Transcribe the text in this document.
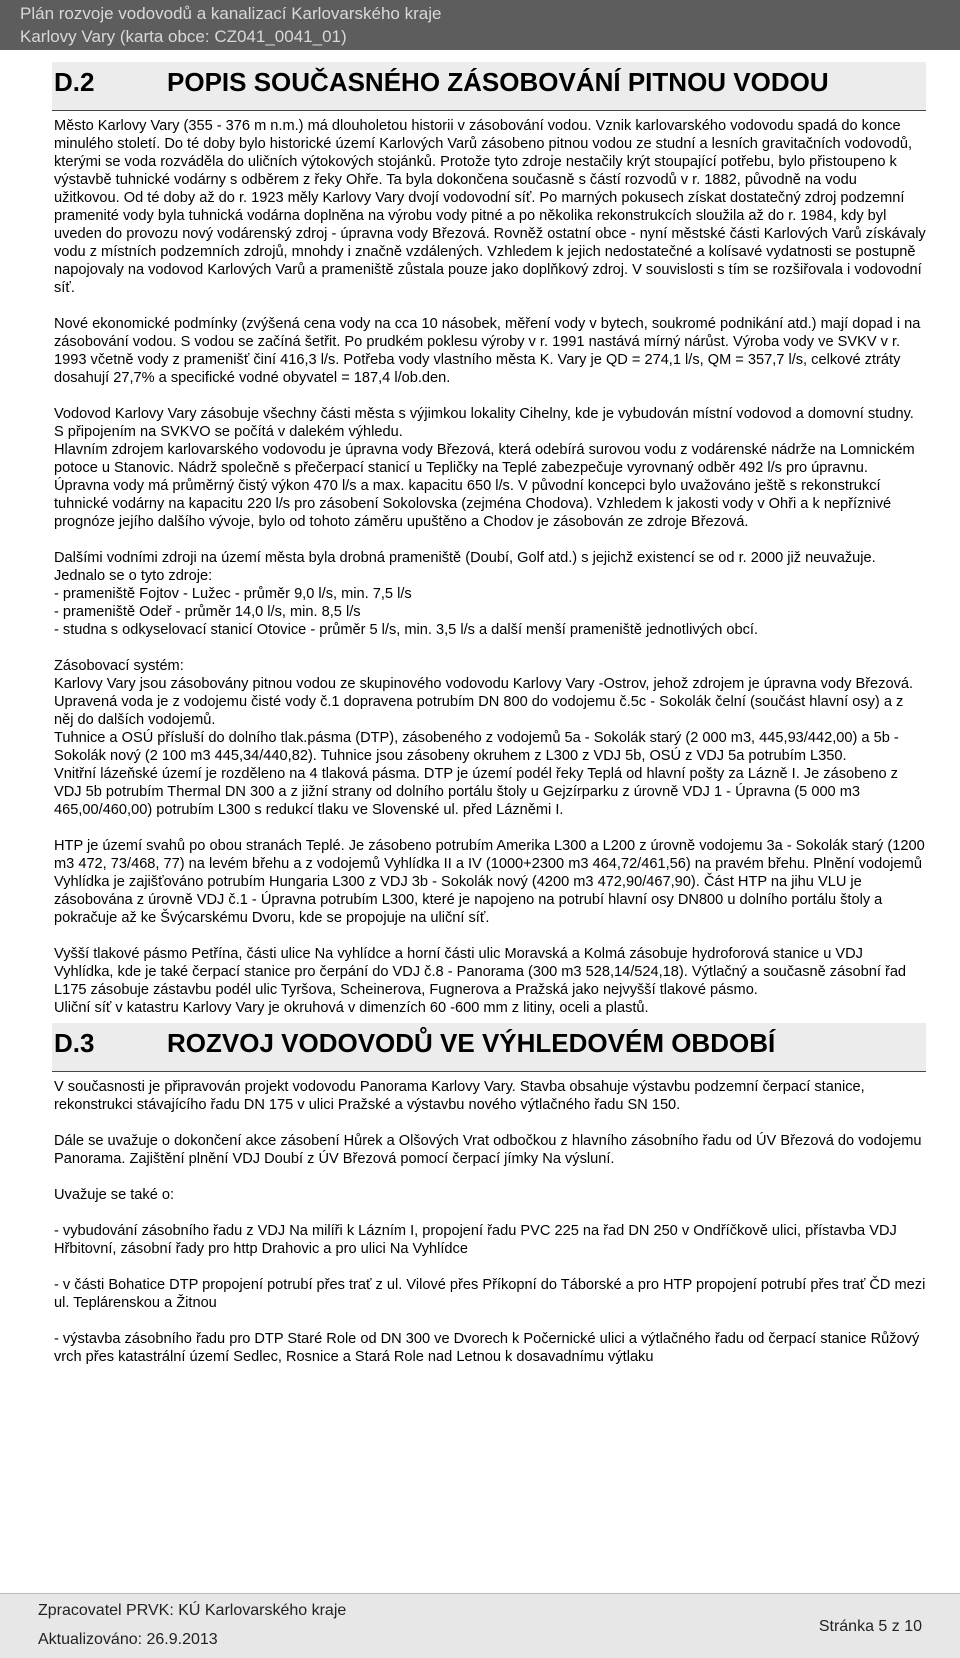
Plán rozvoje vodovodů a kanalizací Karlovarského kraje
Karlovy Vary (karta obce: CZ041_0041_01)
D.2	POPIS SOUČASNÉHO ZÁSOBOVÁNÍ PITNOU VODOU

Město Karlovy Vary (355 - 376 m n.m.) má dlouholetou historii v zásobování vodou. Vznik karlovarského vodovodu spadá do konce minulého století. Do té doby bylo historické území Karlových Varů zásobeno pitnou vodou ze studní a lesních gravitačních vodovodů, kterými se voda rozváděla do uličních výtokových stojánků. Protože tyto zdroje nestačily krýt stoupající potřebu, bylo přistoupeno k výstavbě tuhnické vodárny s odběrem z řeky Ohře. Ta byla dokončena současně s částí rozvodů v r. 1882, původně na vodu užitkovou. Od té doby až do r. 1923 měly Karlovy Vary dvojí vodovodní síť. Po marných pokusech získat dostatečný zdroj podzemní pramenité vody byla tuhnická vodárna doplněna na výrobu vody pitné a po několika rekonstrukcích sloužila až do r. 1984, kdy byl uveden do provozu nový vodárenský zdroj - úpravna vody Březová. Rovněž ostatní obce - nyní městské části Karlových Varů získávaly vodu z místních podzemních zdrojů, mnohdy i značně vzdálených. Vzhledem k jejich nedostatečné a kolísavé vydatnosti se postupně napojovaly na vodovod Karlových Varů a prameniště zůstala pouze jako doplňkový zdroj. V souvislosti s tím se rozšiřovala i vodovodní síť.

Nové ekonomické podmínky (zvýšená cena vody na cca 10 násobek, měření vody v bytech, soukromé podnikání atd.) mají dopad i na zásobování vodou. S vodou se začíná šetřit. Po prudkém poklesu výroby v r. 1991 nastává mírný nárůst. Výroba vody ve SVKV v r. 1993 včetně vody z pramenišť činí 416,3 l/s. Potřeba vody vlastního města K. Vary je QD = 274,1 l/s, QM = 357,7 l/s, celkové ztráty dosahují 27,7% a specifické vodné obyvatel = 187,4 l/ob.den.

Vodovod Karlovy Vary zásobuje všechny části města s výjimkou lokality Cihelny, kde je vybudován místní vodovod a domovní studny. S připojením na SVKVO se počítá v dalekém výhledu.

Hlavním zdrojem karlovarského vodovodu je úpravna vody Březová, která odebírá surovou vodu z vodárenské nádrže na Lomnickém potoce u Stanovic. Nádrž společně s přečerpací stanicí u Tepličky na Teplé zabezpečuje vyrovnaný odběr 492 l/s pro úpravnu. Úpravna vody má průměrný čistý výkon 470 l/s a max. kapacitu 650 l/s. V původní koncepci bylo uvažováno ještě s rekonstrukcí tuhnické vodárny na kapacitu 220 l/s pro zásobení Sokolovska (zejména Chodova). Vzhledem k jakosti vody v Ohři a k nepříznivé prognóze jejího dalšího vývoje, bylo od tohoto záměru upuštěno a Chodov je zásobován ze zdroje Březová.

Dalšími vodními zdroji na území města byla drobná prameniště (Doubí, Golf atd.) s jejichž existencí se od r. 2000 již neuvažuje. Jednalo se o tyto zdroje:

- prameniště Fojtov - Lužec - průměr 9,0 l/s, min. 7,5 l/s

- prameniště Odeř - průměr 14,0 l/s, min. 8,5 l/s

- studna s odkyselovací stanicí Otovice - průměr 5 l/s, min. 3,5 l/s a další menší prameniště jednotlivých obcí.

Zásobovací systém:

Karlovy Vary jsou zásobovány pitnou vodou ze skupinového vodovodu Karlovy Vary -Ostrov, jehož zdrojem je úpravna vody Březová. Upravená voda je z vodojemu čisté vody č.1 dopravena potrubím DN 800 do vodojemu č.5c - Sokolák čelní (součást hlavní osy) a z něj do dalších vodojemů.

Tuhnice a OSÚ přísluší do dolního tlak.pásma (DTP), zásobeného z vodojemů 5a - Sokolák starý (2 000 m3, 445,93/442,00) a 5b - Sokolák nový (2 100 m3 445,34/440,82). Tuhnice jsou zásobeny okruhem z L300 z VDJ 5b, OSÚ z VDJ 5a potrubím L350.

Vnitřní lázeňské území je rozděleno na 4 tlaková pásma. DTP je území podél řeky Teplá od hlavní pošty za Lázně I. Je zásobeno z VDJ 5b potrubím Thermal DN 300 a z jižní strany od dolního portálu štoly u Gejzírparku z úrovně VDJ 1 - Úpravna (5 000 m3 465,00/460,00) potrubím L300 s redukcí tlaku ve Slovenské ul. před Lázněmi I.

HTP je území svahů po obou stranách Teplé. Je zásobeno potrubím Amerika L300 a L200 z úrovně vodojemu 3a - Sokolák starý (1200 m3 472, 73/468, 77) na levém břehu a z vodojemů Vyhlídka II a IV (1000+2300 m3 464,72/461,56) na pravém břehu. Plnění vodojemů Vyhlídka je zajišťováno potrubím Hungaria L300 z VDJ 3b - Sokolák nový (4200 m3 472,90/467,90). Část HTP na jihu VLU je zásobována z úrovně VDJ č.1 - Úpravna potrubím L300, které je napojeno na potrubí hlavní osy DN800 u dolního portálu štoly a pokračuje až ke Švýcarskému Dvoru, kde se propojuje na uliční síť.

Vyšší tlakové pásmo Petřína, části ulice Na vyhlídce a horní části ulic Moravská a Kolmá zásobuje hydroforová stanice u VDJ Vyhlídka, kde je také čerpací stanice pro čerpání do VDJ č.8 - Panorama (300 m3 528,14/524,18). Výtlačný a současně zásobní řad L175 zásobuje zástavbu podél ulic Tyršova, Scheinerova, Fugnerova a Pražská jako nejvyšší tlakové pásmo.

Uliční síť v katastru Karlovy Vary je okruhová v dimenzích 60 -600 mm z litiny, oceli a plastů.

D.3	ROZVOJ VODOVODŮ VE VÝHLEDOVÉM OBDOBÍ

V současnosti je připravován projekt vodovodu Panorama Karlovy Vary. Stavba obsahuje výstavbu podzemní čerpací stanice, rekonstrukci stávajícího řadu DN 175 v ulici Pražské a výstavbu nového výtlačného řadu SN 150.

Dále se uvažuje o dokončení akce zásobení Hůrek a Olšových Vrat odbočkou z hlavního zásobního řadu od ÚV Březová do vodojemu Panorama. Zajištění plnění VDJ Doubí z ÚV Březová pomocí čerpací jímky Na výsluní.

Uvažuje se také o:

- vybudování zásobního řadu z VDJ Na milíři k Lázním I, propojení řadu PVC 225 na řad DN 250 v Ondříčkově ulici, přístavba VDJ Hřbitovní, zásobní řady pro http Drahovic a pro ulici Na Vyhlídce

- v části Bohatice DTP propojení potrubí přes trať z ul. Vilové přes Příkopní do Táborské a pro HTP propojení potrubí přes trať ČD mezi ul. Teplárenskou a Žitnou

- výstavba zásobního řadu pro DTP Staré Role od DN 300 ve Dvorech k Počernické ulici a výtlačného řadu od čerpací stanice Růžový vrch přes katastrální území Sedlec, Rosnice a Stará Role nad Letnou k dosavadnímu výtlaku

Zpracovatel PRVK: KÚ Karlovarského kraje
Aktualizováno: 26.9.2013
Stránka 5 z 10
